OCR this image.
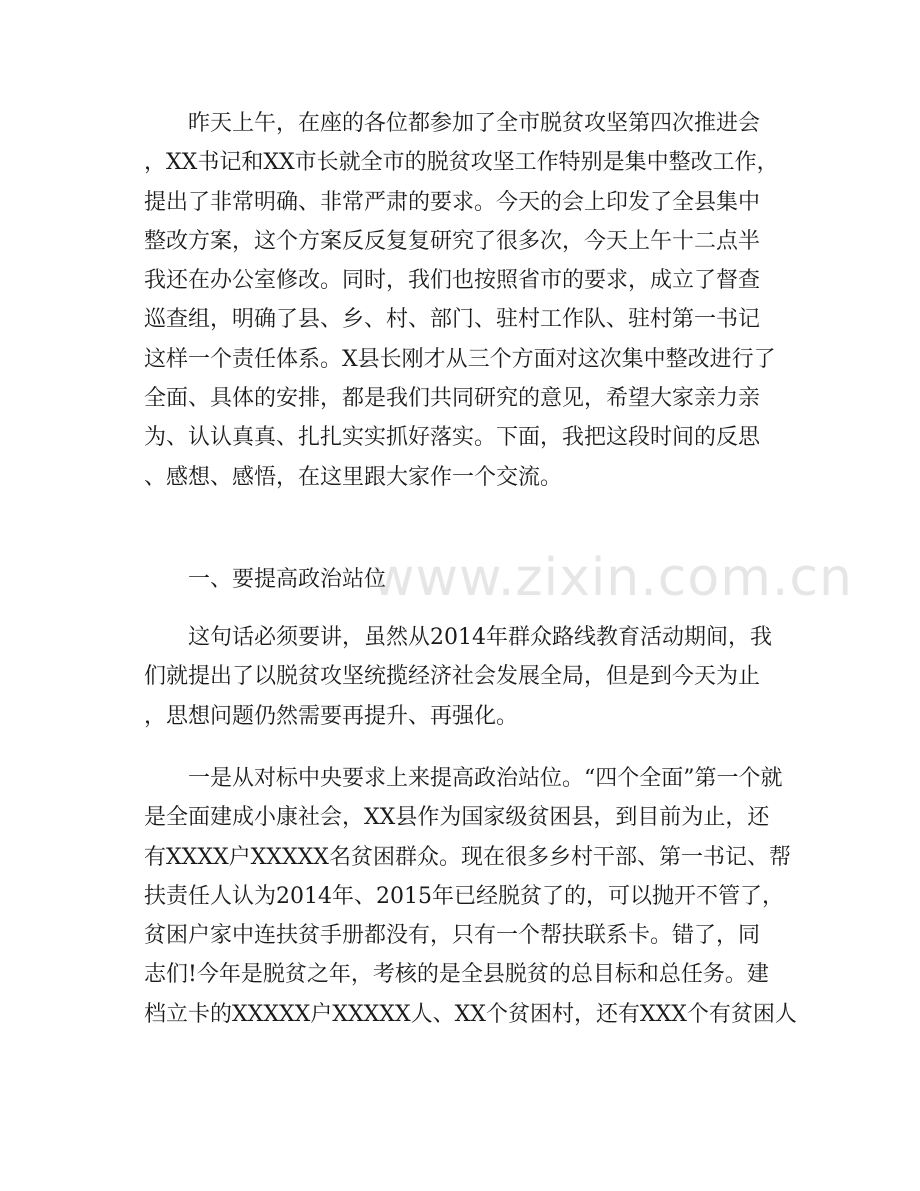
www.zixin.com.cn
　　昨天上午，在座的各位都参加了全市脱贫攻坚第四次推进会
，XX书记和XX市长就全市的脱贫攻坚工作特别是集中整改工作，
提出了非常明确、非常严肃的要求。今天的会上印发了全县集中
整改方案，这个方案反反复复研究了很多次，今天上午十二点半
我还在办公室修改。同时，我们也按照省市的要求，成立了督查
巡查组，明确了县、乡、村、部门、驻村工作队、驻村第一书记
这样一个责任体系。X县长刚才从三个方面对这次集中整改进行了
全面、具体的安排，都是我们共同研究的意见，希望大家亲力亲
为、认认真真、扎扎实实抓好落实。下面，我把这段时间的反思
、感想、感悟，在这里跟大家作一个交流。
　　一、要提高政治站位
　　这句话必须要讲，虽然从2014年群众路线教育活动期间，我
们就提出了以脱贫攻坚统揽经济社会发展全局，但是到今天为止
，思想问题仍然需要再提升、再强化。
　　一是从对标中央要求上来提高政治站位。“四个全面”第一个就
是全面建成小康社会，XX县作为国家级贫困县，到目前为止，还
有XXXX户XXXXX名贫困群众。现在很多乡村干部、第一书记、帮
扶责任人认为2014年、2015年已经脱贫了的，可以抛开不管了，
贫困户家中连扶贫手册都没有，只有一个帮扶联系卡。错了，同
志们!今年是脱贫之年，考核的是全县脱贫的总目标和总任务。建
档立卡的XXXXX户XXXXX人、XX个贫困村，还有XXX个有贫困人
